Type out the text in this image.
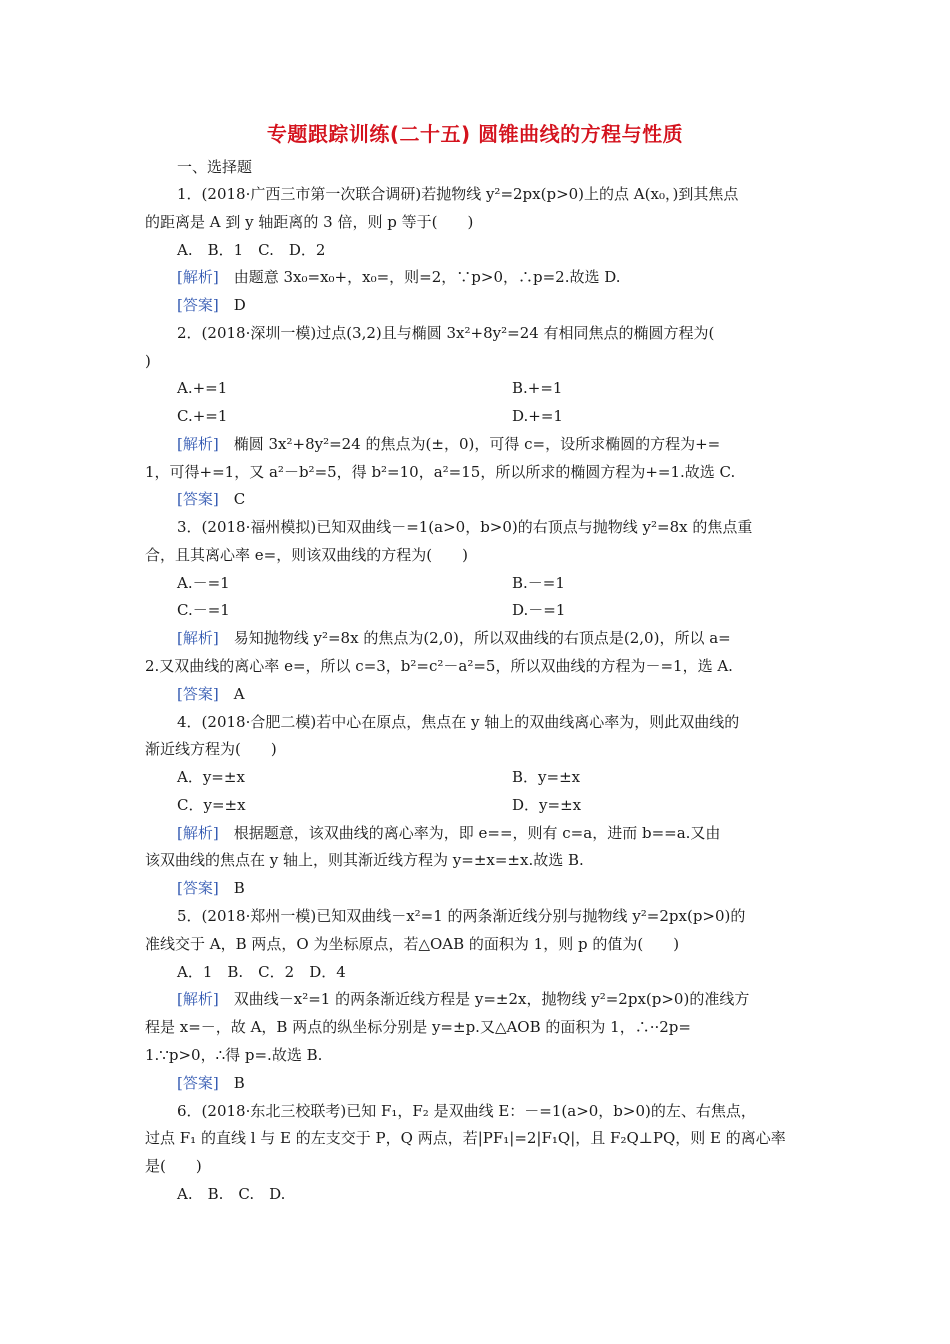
专题跟踪训练(二十五) 圆锥曲线的方程与性质
一、选择题
1．(2018·广西三市第一次联合调研)若抛物线 y²=2px(p>0)上的点 A(x₀，)到其焦点
的距离是 A 到 y 轴距离的 3 倍，则 p 等于(　　)
A.　B．1　C.　D．2
[解析]　 由题意 3x₀=x₀+，x₀=，则=2，∵p>0，∴p=2.故选 D.
[答案]　 D
2．(2018·深圳一模)过点(3,2)且与椭圆 3x²+8y²=24 有相同焦点的椭圆方程为(
)
A.+=1	B.+=1
C.+=1	D.+=1
[解析]　 椭圆 3x²+8y²=24 的焦点为(±，0)，可得 c=，设所求椭圆的方程为+=
1，可得+=1，又 a²－b²=5，得 b²=10，a²=15，所以所求的椭圆方程为+=1.故选 C.
[答案]　 C
3．(2018·福州模拟)已知双曲线－=1(a>0，b>0)的右顶点与抛物线 y²=8x 的焦点重
合，且其离心率 e=，则该双曲线的方程为(　　)
A.－=1	B.－=1
C.－=1	D.－=1
[解析]　 易知抛物线 y²=8x 的焦点为(2,0)，所以双曲线的右顶点是(2,0)，所以 a=
2.又双曲线的离心率 e=，所以 c=3，b²=c²－a²=5，所以双曲线的方程为－=1，选 A.
[答案]　 A
4．(2018·合肥二模)若中心在原点，焦点在 y 轴上的双曲线离心率为，则此双曲线的
渐近线方程为(　　)
A．y=±x	B．y=±x
C．y=±x	D．y=±x
[解析]　 根据题意，该双曲线的离心率为，即 e==，则有 c=a，进而 b==a.又由
该双曲线的焦点在 y 轴上，则其渐近线方程为 y=±x=±x.故选 B.
[答案]　 B
5．(2018·郑州一模)已知双曲线－x²=1 的两条渐近线分别与抛物线 y²=2px(p>0)的
准线交于 A，B 两点，O 为坐标原点，若△OAB 的面积为 1，则 p 的值为(　　)
A．1　B.　C．2　D．4
[解析]　 双曲线－x²=1 的两条渐近线方程是 y=±2x，抛物线 y²=2px(p>0)的准线方
程是 x=－，故 A，B 两点的纵坐标分别是 y=±p.又△AOB 的面积为 1，∴··2p=
1.∵p>0，∴得 p=.故选 B.
[答案]　 B
6．(2018·东北三校联考)已知 F₁，F₂ 是双曲线 E：－=1(a>0，b>0)的左、右焦点，
过点 F₁ 的直线 l 与 E 的左支交于 P，Q 两点，若|PF₁|=2|F₁Q|，且 F₂Q⊥PQ，则 E 的离心率
是(　　)
A.　B.　C.　D.
